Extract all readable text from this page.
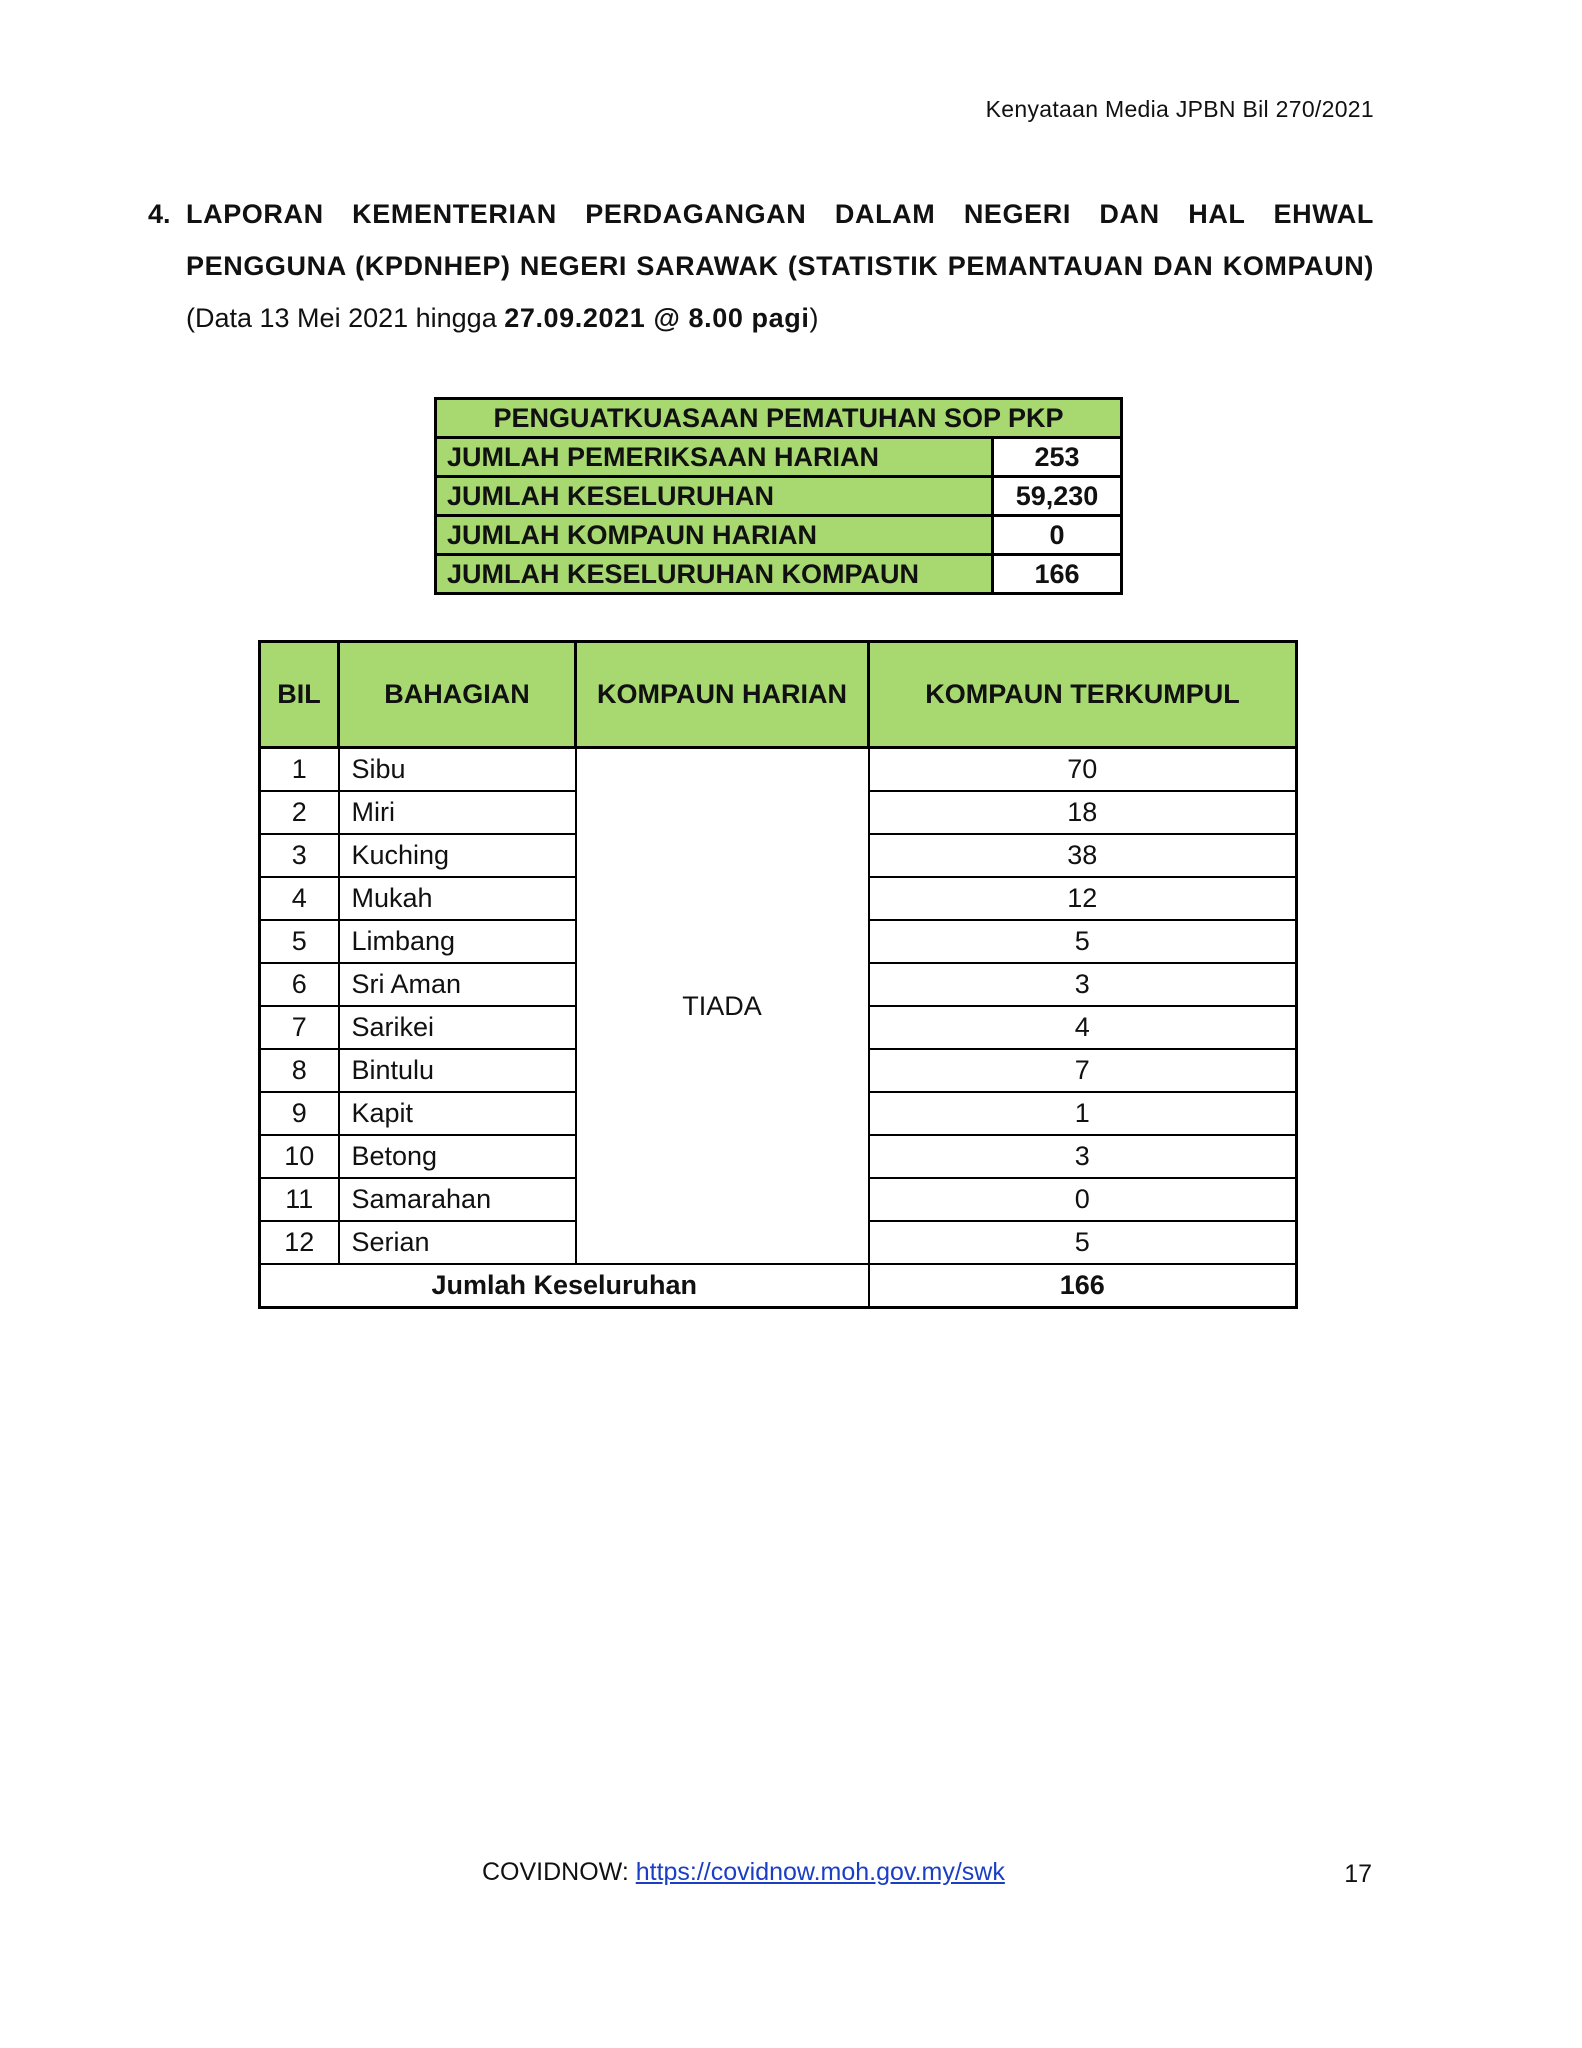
Kenyataan Media JPBN Bil 270/2021
4. LAPORAN KEMENTERIAN PERDAGANGAN DALAM NEGERI DAN HAL EHWAL PENGGUNA (KPDNHEP) NEGERI SARAWAK (STATISTIK PEMANTAUAN DAN KOMPAUN) (Data 13 Mei 2021 hingga 27.09.2021 @ 8.00 pagi)
PENGUATKUASAAN PEMATUHAN SOP PKP	
JUMLAH PEMERIKSAAN HARIAN	253
JUMLAH KESELURUHAN	59,230
JUMLAH KOMPAUN HARIAN	0
JUMLAH KESELURUHAN KOMPAUN	166
BIL	BAHAGIAN	KOMPAUN HARIAN	KOMPAUN TERKUMPUL
1	Sibu	TIADA	70
2	Miri		18
3	Kuching		38
4	Mukah		12
5	Limbang		5
6	Sri Aman		3
7	Sarikei		4
8	Bintulu		7
9	Kapit		1
10	Betong		3
11	Samarahan		0
12	Serian		5
Jumlah Keseluruhan			166
COVIDNOW: https://covidnow.moh.gov.my/swk	17
